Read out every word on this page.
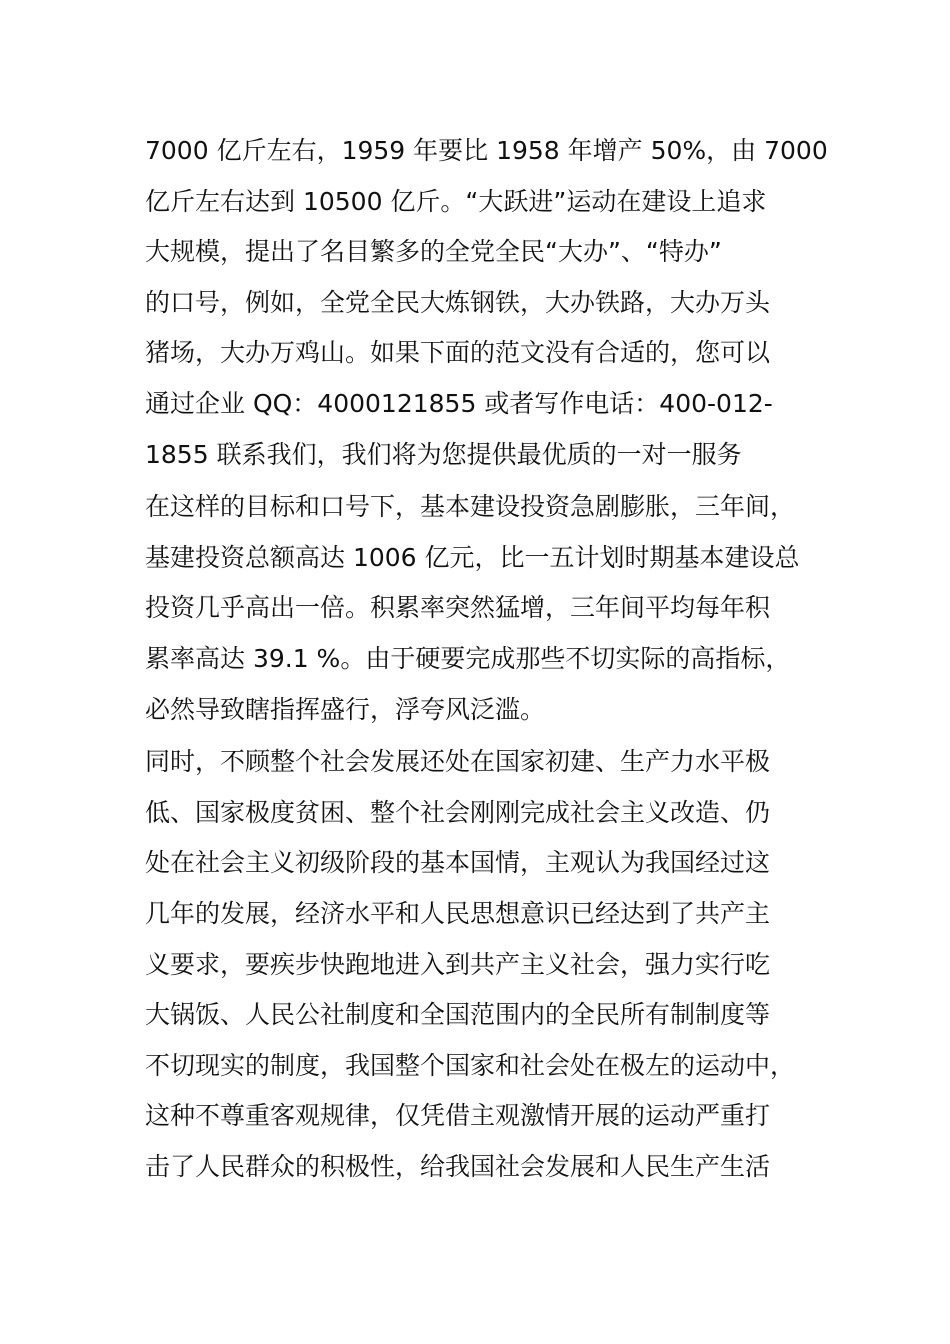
7000 亿斤左右，1959 年要比 1958 年增产 50%，由 7000
亿斤左右达到 10500 亿斤。“大跃进”运动在建设上追求
大规模，提出了名目繁多的全党全民“大办”、“特办”
的口号，例如，全党全民大炼钢铁，大办铁路，大办万头
猪场，大办万鸡山。如果下面的范文没有合适的，您可以
通过企业 QQ：4000121855 或者写作电话：400-012-
1855 联系我们，我们将为您提供最优质的一对一服务

在这样的目标和口号下，基本建设投资急剧膨胀，三年间，
基建投资总额高达 1006 亿元，比一五计划时期基本建设总
投资几乎高出一倍。积累率突然猛增，三年间平均每年积
累率高达 39.1 %。由于硬要完成那些不切实际的高指标，
必然导致瞎指挥盛行，浮夸风泛滥。

同时，不顾整个社会发展还处在国家初建、生产力水平极
低、国家极度贫困、整个社会刚刚完成社会主义改造、仍
处在社会主义初级阶段的基本国情，主观认为我国经过这
几年的发展，经济水平和人民思想意识已经达到了共产主
义要求，要疾步快跑地进入到共产主义社会，强力实行吃
大锅饭、人民公社制度和全国范围内的全民所有制制度等
不切现实的制度，我国整个国家和社会处在极左的运动中，
这种不尊重客观规律，仅凭借主观激情开展的运动严重打
击了人民群众的积极性，给我国社会发展和人民生产生活
